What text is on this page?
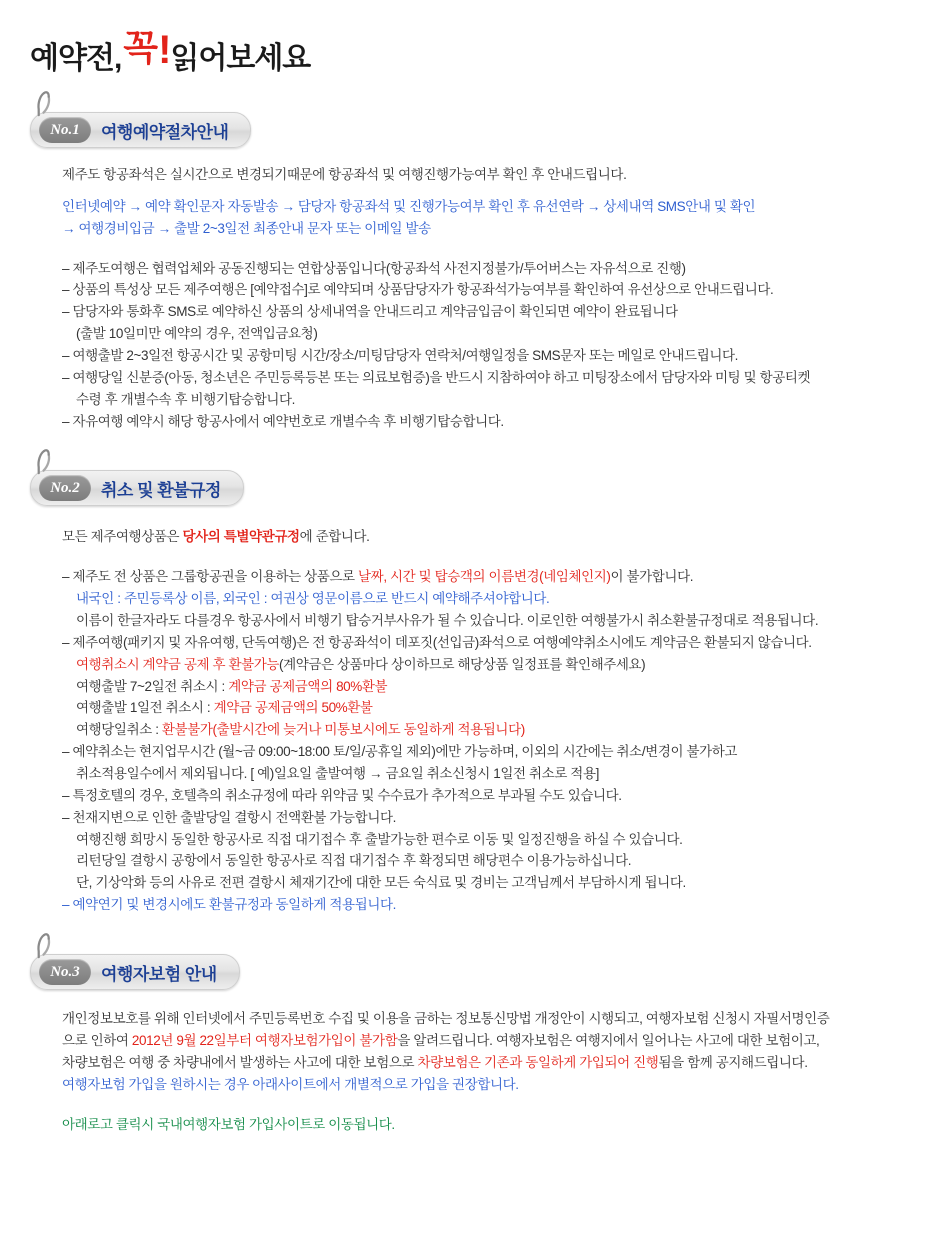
예약전, 꼭 ! 읽어보세요
No.1	여행예약절차안내

제주도 항공좌석은 실시간으로 변경되기때문에 항공좌석 및 여행진행가능여부 확인 후 안내드립니다.

인터넷예약 → 예약 확인문자 자동발송 → 담당자 항공좌석 및 진행가능여부 확인 후 유선연락 → 상세내역 SMS안내 및 확인

→ 여행경비입금 → 출발 2~3일전 최종안내 문자 또는 이메일 발송

– 제주도여행은 협력업체와 공동진행되는 연합상품입니다(항공좌석 사전지정불가/투어버스는 자유석으로 진행)

– 상품의 특성상 모든 제주여행은 [예약접수]로 예약되며 상품담당자가 항공좌석가능여부를 확인하여 유선상으로 안내드립니다.

– 담당자와 통화후 SMS로 예약하신 상품의 상세내역을 안내드리고 계약금입금이 확인되면 예약이 완료됩니다

(출발 10일미만 예약의 경우, 전액입금요청)

– 여행출발 2~3일전 항공시간 및 공항미팅 시간/장소/미팅담당자 연락처/여행일정을 SMS문자 또는 메일로 안내드립니다.

– 여행당일 신분증(아동, 청소년은 주민등록등본 또는 의료보험증)을 반드시 지참하여야 하고 미팅장소에서 담당자와 미팅 및 항공티켓

수령 후 개별수속 후 비행기탑승합니다.

– 자유여행 예약시 해당 항공사에서 예약번호로 개별수속 후 비행기탑승합니다.

No.2	취소 및 환불규정

모든 제주여행상품은 당사의 특별약관규정에 준합니다.

– 제주도 전 상품은 그룹항공권을 이용하는 상품으로 날짜, 시간 및 탑승객의 이름변경(네임체인지)이 불가합니다.

내국인 : 주민등록상 이름, 외국인 : 여권상 영문이름으로 반드시 예약해주셔야합니다.

이름이 한글자라도 다를경우 항공사에서 비행기 탑승거부사유가 될 수 있습니다. 이로인한 여행불가시 취소환불규정대로 적용됩니다.

– 제주여행(패키지 및 자유여행, 단독여행)은 전 항공좌석이 데포짓(선입금)좌석으로 여행예약취소시에도 계약금은 환불되지 않습니다.

여행취소시 계약금 공제 후 환불가능(계약금은 상품마다 상이하므로 해당상품 일정표를 확인해주세요)

여행출발 7~2일전 취소시 : 계약금 공제금액의 80%환불

여행출발 1일전 취소시 : 계약금 공제금액의 50%환불

여행당일취소 : 환불불가(출발시간에 늦거나 미통보시에도 동일하게 적용됩니다)

– 예약취소는 현지업무시간 (월~금 09:00~18:00 토/일/공휴일 제외)에만 가능하며, 이외의 시간에는 취소/변경이 불가하고

취소적용일수에서 제외됩니다. [ 예)일요일 출발여행 → 금요일 취소신청시 1일전 취소로 적용]

– 특정호텔의 경우, 호텔측의 취소규정에 따라 위약금 및 수수료가 추가적으로 부과될 수도 있습니다.

– 천재지변으로 인한 출발당일 결항시 전액환불 가능합니다.

여행진행 희망시 동일한 항공사로 직접 대기접수 후 출발가능한 편수로 이동 및 일정진행을 하실 수 있습니다.

리턴당일 결항시 공항에서 동일한 항공사로 직접 대기접수 후 확정되면 해당편수 이용가능하십니다.

단, 기상악화 등의 사유로 전편 결항시 체재기간에 대한 모든 숙식료 및 경비는 고객님께서 부담하시게 됩니다.

– 예약연기 및 변경시에도 환불규정과 동일하게 적용됩니다.

No.3	여행자보험 안내

개인정보보호를 위해 인터넷에서 주민등록번호 수집 및 이용을 금하는 정보통신망법 개정안이 시행되고, 여행자보험 신청시 자필서명인증

으로 인하여 2012년 9월 22일부터 여행자보험가입이 불가함을 알려드립니다. 여행자보험은 여행지에서 일어나는 사고에 대한 보험이고,

차량보험은 여행 중 차량내에서 발생하는 사고에 대한 보험으로 차량보험은 기존과 동일하게 가입되어 진행됨을 함께 공지해드립니다.

여행자보험 가입을 원하시는 경우 아래사이트에서 개별적으로 가입을 권장합니다.

아래로고 클릭시 국내여행자보험 가입사이트로 이동됩니다.
